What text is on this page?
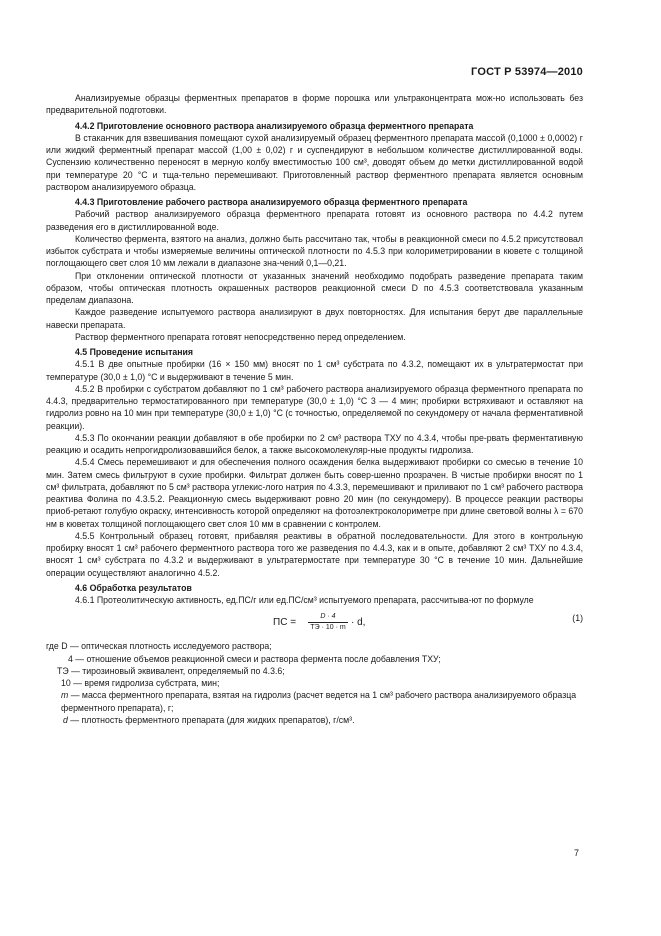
ГОСТ Р 53974—2010

Анализируемые образцы ферментных препаратов в форме порошка или ультраконцентрата мож-но использовать без предварительной подготовки.

4.4.2 Приготовление основного раствора анализируемого образца ферментного препарата

В стаканчик для взвешивания помещают сухой анализируемый образец ферментного препарата массой (0,1000 ± 0,0002) г или жидкий ферментный препарат массой (1,00 ± 0,02) г и суспендируют в небольшом количестве дистиллированной воды. Суспензию количественно переносят в мерную колбу вместимостью 100 см³, доводят объем до метки дистиллированной водой при температуре 20 °С и тща-тельно перемешивают. Приготовленный раствор ферментного препарата является основным раствором анализируемого образца.

4.4.3 Приготовление рабочего раствора анализируемого образца ферментного препарата

Рабочий раствор анализируемого образца ферментного препарата готовят из основного раствора по 4.4.2 путем разведения его в дистиллированной воде.

Количество фермента, взятого на анализ, должно быть рассчитано так, чтобы в реакционной смеси по 4.5.2 присутствовал избыток субстрата и чтобы измеряемые величины оптической плотности по 4.5.3 при колориметрировании в кювете с толщиной поглощающего свет слоя 10 мм лежали в диапазоне зна-чений 0,1—0,21.

При отклонении оптической плотности от указанных значений необходимо подобрать разведение препарата таким образом, чтобы оптическая плотность окрашенных растворов реакционной смеси D по 4.5.3 соответствовала указанным пределам диапазона.

Каждое разведение испытуемого раствора анализируют в двух повторностях. Для испытания берут две параллельные навески препарата.

Раствор ферментного препарата готовят непосредственно перед определением.

4.5 Проведение испытания

4.5.1 В две опытные пробирки (16 × 150 мм) вносят по 1 см³ субстрата по 4.3.2, помещают их в ультратермостат при температуре (30,0 ± 1,0) °С и выдерживают в течение 5 мин.

4.5.2 В пробирки с субстратом добавляют по 1 см³ рабочего раствора анализируемого образца ферментного препарата по 4.4.3, предварительно термостатированного при температуре (30,0 ± 1,0) °С 3 — 4 мин; пробирки встряхивают и оставляют на гидролиз ровно на 10 мин при температуре (30,0 ± 1,0) °С (с точностью, определяемой по секундомеру от начала ферментативной реакции).

4.5.3 По окончании реакции добавляют в обе пробирки по 2 см³ раствора ТХУ по 4.3.4, чтобы пре-рвать ферментативную реакцию и осадить непрогидролизовавшийся белок, а также высокомолекуляр-ные продукты гидролиза.

4.5.4 Смесь перемешивают и для обеспечения полного осаждения белка выдерживают пробирки со смесью в течение 10 мин. Затем смесь фильтруют в сухие пробирки. Фильтрат должен быть совер-шенно прозрачен. В чистые пробирки вносят по 1 см³ фильтрата, добавляют по 5 см³ раствора углекис-лого натрия по 4.3.3, перемешивают и приливают по 1 см³ рабочего раствора реактива Фолина по 4.3.5.2. Реакционную смесь выдерживают ровно 20 мин (по секундомеру). В процессе реакции растворы приоб-ретают голубую окраску, интенсивность которой определяют на фотоэлектроколориметре при длине световой волны λ = 670 нм в кюветах толщиной поглощающего свет слоя 10 мм в сравнении с контролем.

4.5.5 Контрольный образец готовят, прибавляя реактивы в обратной последовательности. Для этого в контрольную пробирку вносят 1 см³ рабочего ферментного раствора того же разведения по 4.4.3, как и в опыте, добавляют 2 см³ ТХУ по 4.3.4, вносят 1 см³ субстрата по 4.3.2 и выдерживают в ультратермостате при температуре 30 °С в течение 10 мин. Дальнейшие операции осуществляют аналогично 4.5.2.

4.6 Обработка результатов

4.6.1 Протеолитическую активность, ед.ПС/г или ед.ПС/см³ испытуемого препарата, рассчитыва-ют по формуле

ПС =
D · 4
ТЭ · 10 · m · d,	(1)
где D — оптическая плотность исследуемого раствора;
4 — отношение объемов реакционной смеси и раствора фермента после добавления ТХУ;
ТЭ — тирозиновый эквивалент, определяемый по 4.3.6;
10 — время гидролиза субстрата, мин;
m — масса ферментного препарата, взятая на гидролиз (расчет ведется на 1 см³ рабочего раствора анализируемого образца ферментного препарата), г;
d — плотность ферментного препарата (для жидких препаратов), г/см³.
7
